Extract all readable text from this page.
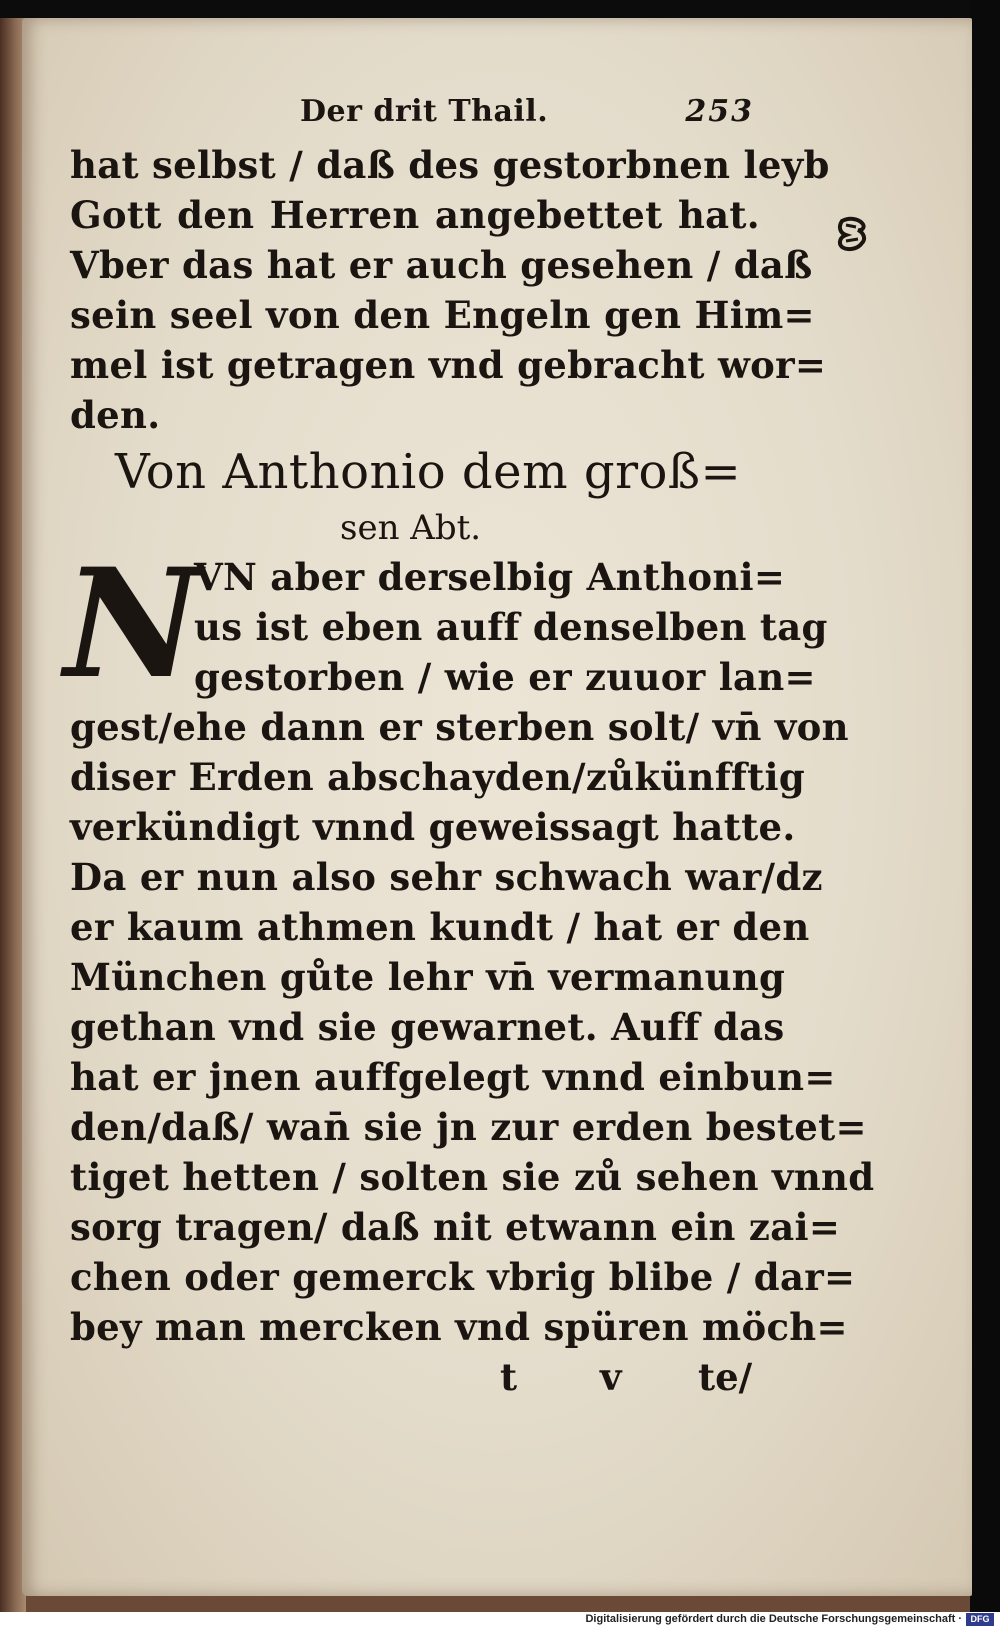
Der drit Thail.	253
hat selbst / daß des gestorbnen leyb
Gott den Herren angebettet hat.
Vber das hat er auch gesehen / daß
sein seel von den Engeln gen Him=
mel ist getragen vnd gebracht wor=
den.
Von Anthonio dem groß=
sen Abt.
N
VN aber derselbig Anthoni=
us ist eben auff denselben tag
gestorben / wie er zuuor lan=
gest/ehe dann er sterben solt/ vn̄ von
diser Erden abschayden/zůkünfftig
verkündigt vnnd geweissagt hatte.
Da er nun also sehr schwach war/dz
er kaum athmen kundt / hat er den
München gůte lehr vn̄ vermanung
gethan vnd sie gewarnet. Auff das
hat er jnen auffgelegt vnnd einbun=
den/daß/ wan̄ sie jn zur erden bestet=
tiget hetten / solten sie zů sehen vnnd
sorg tragen/ daß nit etwann ein zai=
chen oder gemerck vbrig blibe / dar=
bey man mercken vnd spüren möch=
t v te/
Digitalisierung gefördert durch die Deutsche Forschungsgemeinschaft · DFG
